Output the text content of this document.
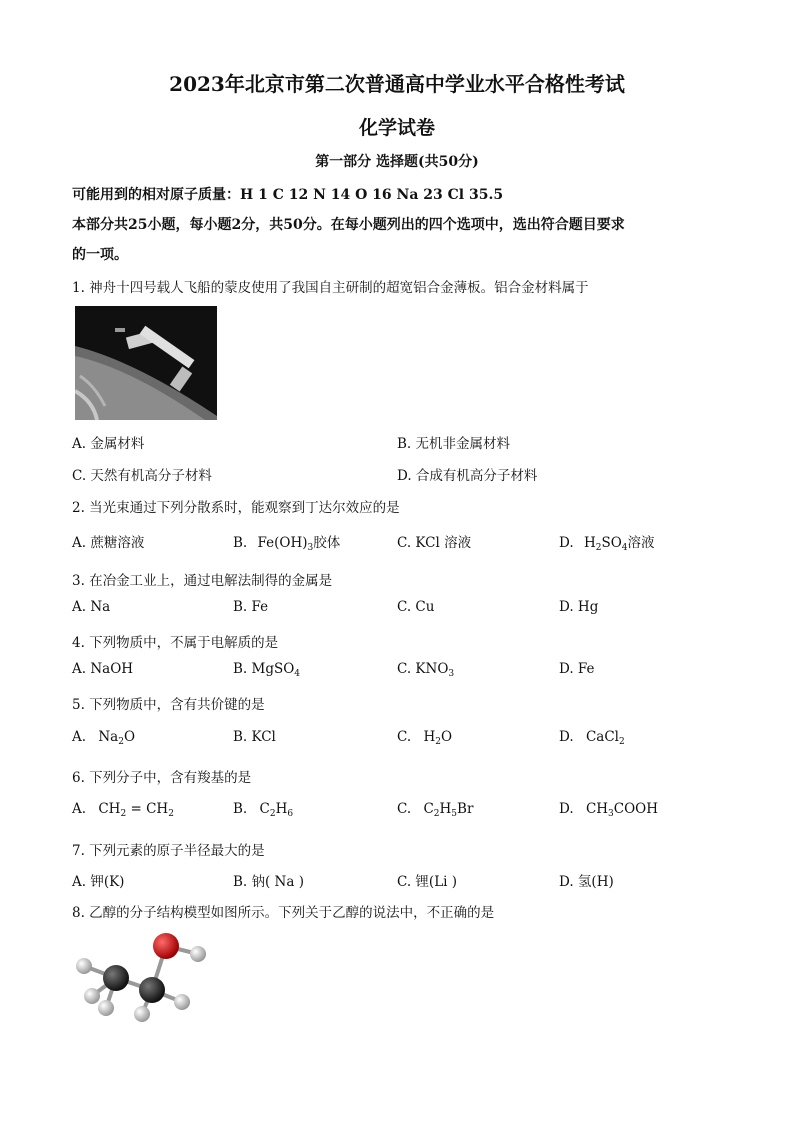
2023年北京市第二次普通高中学业水平合格性考试
化学试卷
第一部分 选择题(共50分)
可能用到的相对原子质量：H 1 C 12 N 14 O 16 Na 23 Cl 35.5
本部分共25小题，每小题2分，共50分。在每小题列出的四个选项中，选出符合题目要求
的一项。
1. 神舟十四号载人飞船的蒙皮使用了我国自主研制的超宽铝合金薄板。铝合金材料属于
A. 金属材料	B. 无机非金属材料
C. 天然有机高分子材料	D. 合成有机高分子材料
2. 当光束通过下列分散系时，能观察到丁达尔效应的是
A. 蔗糖溶液	B. $Fe(OH)_3$胶体	C. KCl 溶液	D. $H_2SO_4$溶液
3. 在冶金工业上，通过电解法制得的金属是
A. Na	B. Fe	C. Cu	D. Hg
4. 下列物质中，不属于电解质的是
A. NaOH	B. MgSO$_4$	C. $KNO_3$	D. Fe
5. 下列物质中，含有共价键的是
A. $Na_2O$	B. KCl	C. $H_2O$	D. CaCl$_2$
6. 下列分子中，含有羧基的是
A. $CH_2 = CH_2$	B. $C_2H_6$	C. $C_2H_5Br$	D. $CH_3COOH$
7. 下列元素的原子半径最大的是
A. 钾(K)	B. 钠( Na )	C. 锂(Li )	D. 氢(H)
8. 乙醇的分子结构模型如图所示。下列关于乙醇的说法中，不正确的是
